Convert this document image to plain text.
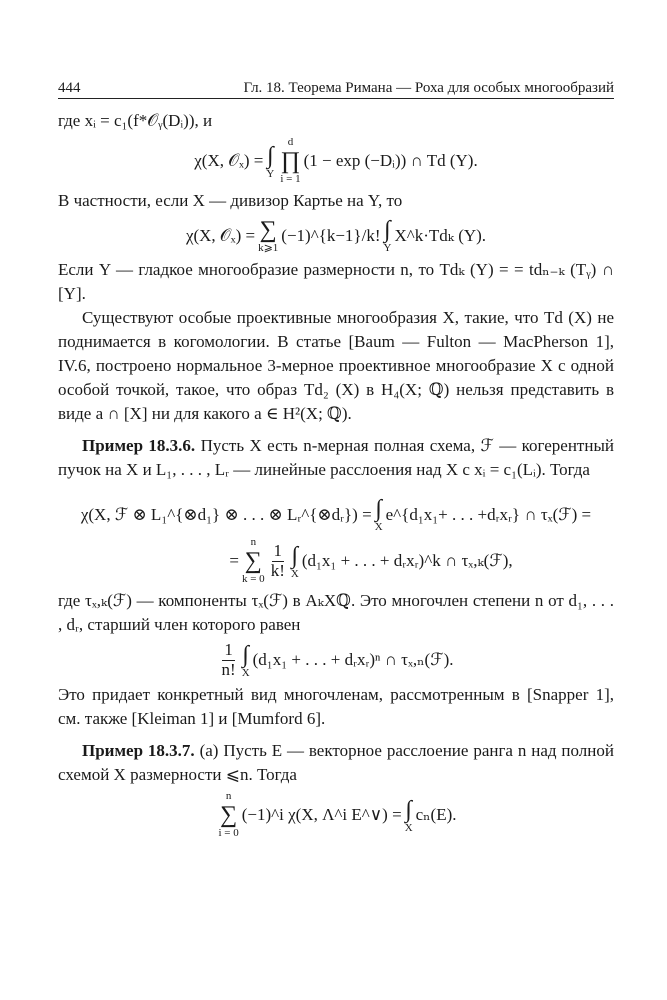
444	Гл. 18. Теорема Римана — Роха для особых многообразий

где xᵢ = c₁(f*𝒪ᵧ(Dᵢ)), и

χ(X, 𝒪ₓ) = ∫
Y
d
∏
i = 1
(1 − exp (−Dᵢ)) ∩ Td (Y).

В частности, если X — дивизор Картье на Y, то

χ(X, 𝒪ₓ) = ∑
k⩾1
(−1)^{k−1}/k! ∫
Y
X^k·Tdₖ (Y).

Если Y — гладкое многообразие размерности n, то Tdₖ (Y) = = tdₙ₋ₖ (Tᵧ) ∩ [Y].

Существуют особые проективные многообразия X, такие, что Td (X) не поднимается в когомологии. В статье [Baum — Fulton — MacPherson 1], IV.6, построено нормальное 3-мерное проективное многообразие X с одной особой точкой, такое, что образ Td₂ (X) в H₄(X; ℚ) нельзя представить в виде a ∩ [X] ни для какого a ∈ H²(X; ℚ).

Пример 18.3.6. Пусть X есть n-мерная полная схема, ℱ — когерентный пучок на X и L₁, . . . , Lᵣ — линейные расслоения над X с xᵢ = c₁(Lᵢ). Тогда

χ(X, ℱ ⊗ L₁^{⊗d₁} ⊗ . . . ⊗ Lᵣ^{⊗dᵣ}) = ∫
X
e^{d₁x₁+ . . . +dᵣxᵣ} ∩ τₓ(ℱ) =
=
n
∑
$k = 0 \frac{1}{k!}$ ∫
X
(d₁x₁ + . . . + dᵣxᵣ)^k ∩ τₓ,ₖ(ℱ),

где τₓ,ₖ(ℱ) — компоненты τₓ(ℱ) в AₖXℚ. Это многочлен степени n от d₁, . . . , dᵣ, старший член которого равен

$\frac{1}{n!}$ ∫
X
(d₁x₁ + . . . + dᵣxᵣ)ⁿ ∩ τₓ,ₙ(ℱ).

Это придает конкретный вид многочленам, рассмотренным в [Snapper 1], см. также [Kleiman 1] и [Mumford 6].

Пример 18.3.7. (a) Пусть E — векторное расслоение ранга n над полной схемой X размерности ⩽n. Тогда

n
∑
i = 0
(−1)^i χ(X, Λ^i E^∨) = ∫
X
cₙ(E).
